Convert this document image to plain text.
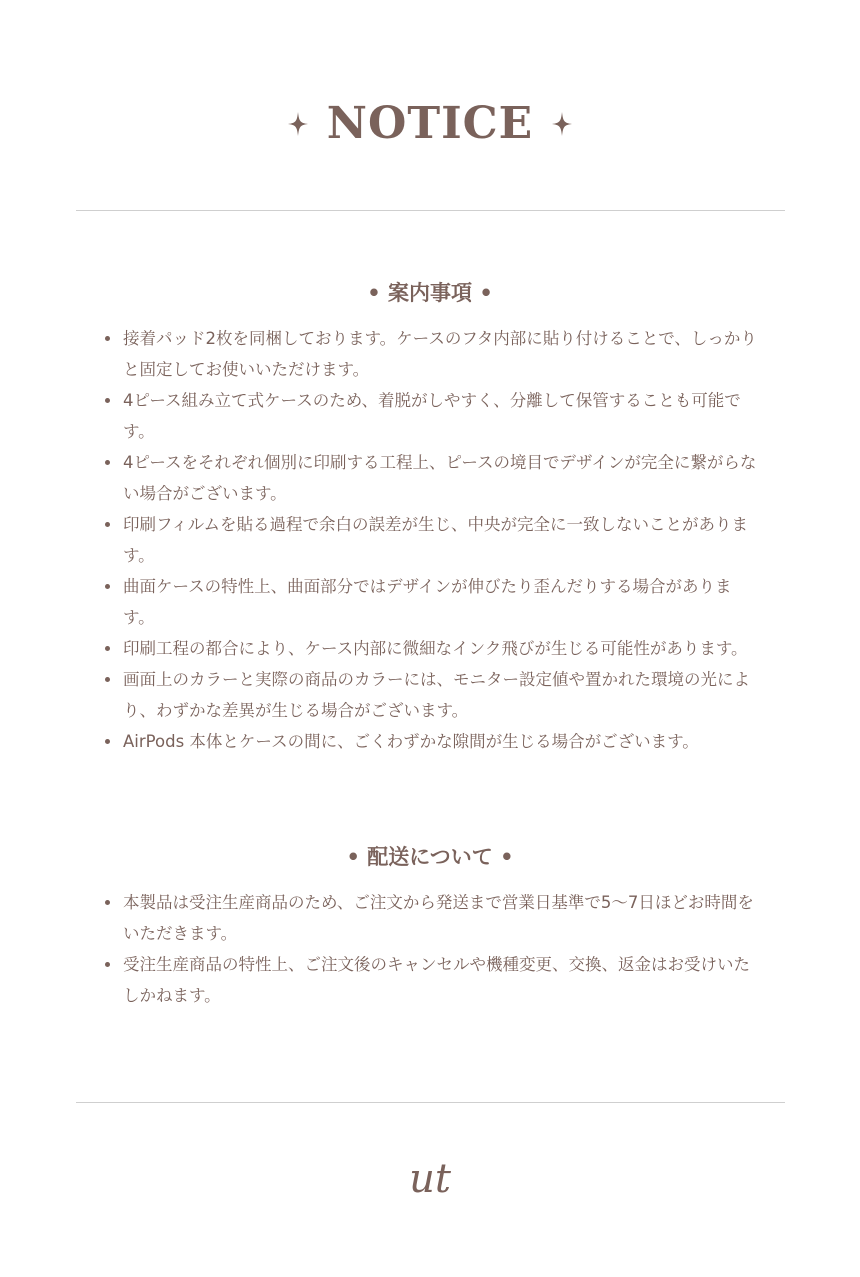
NOTICE
• 案内事項 •
接着パッド2枚を同梱しております。ケースのフタ内部に貼り付けることで、しっかりと固定してお使いいただけます。
4ピース組み立て式ケースのため、着脱がしやすく、分離して保管することも可能です。
4ピースをそれぞれ個別に印刷する工程上、ピースの境目でデザインが完全に繋がらない場合がございます。
印刷フィルムを貼る過程で余白の誤差が生じ、中央が完全に一致しないことがあります。
曲面ケースの特性上、曲面部分ではデザインが伸びたり歪んだりする場合があります。
印刷工程の都合により、ケース内部に微細なインク飛びが生じる可能性があります。
画面上のカラーと実際の商品のカラーには、モニター設定値や置かれた環境の光により、わずかな差異が生じる場合がございます。
AirPods 本体とケースの間に、ごくわずかな隙間が生じる場合がございます。
• 配送について •
本製品は受注生産商品のため、ご注文から発送まで営業日基準で5〜7日ほどお時間をいただきます。
受注生産商品の特性上、ご注文後のキャンセルや機種変更、交換、返金はお受けいたしかねます。
ut
